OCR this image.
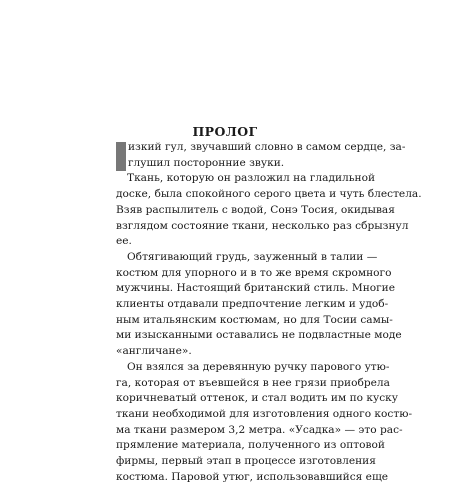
ПРОЛОГ
изкий гул, звучавший словно в самом сердце, за-
глушил посторонние звуки.
Ткань, которую он разложил на гладильной
доске, была спокойного серого цвета и чуть блестела.
Взяв распылитель с водой, Сонэ Тосия, окидывая
взглядом состояние ткани, несколько раз сбрызнул
ее.
Обтягивающий грудь, зауженный в талии —
костюм для упорного и в то же время скромного
мужчины. Настоящий британский стиль. Многие
клиенты отдавали предпочтение легким и удоб-
ным итальянским костюмам, но для Тосии самы-
ми изысканными оставались не подвластные моде
«англичане».
Он взялся за деревянную ручку парового утю-
га, которая от въевшейся в нее грязи приобрела
коричневатый оттенок, и стал водить им по куску
ткани необходимой для изготовления одного костю-
ма ткани размером 3,2 метра. «Усадка» — это рас-
прямление материала, полученного из оптовой
фирмы, первый этап в процессе изготовления
костюма. Паровой утюг, использовавшийся еще
